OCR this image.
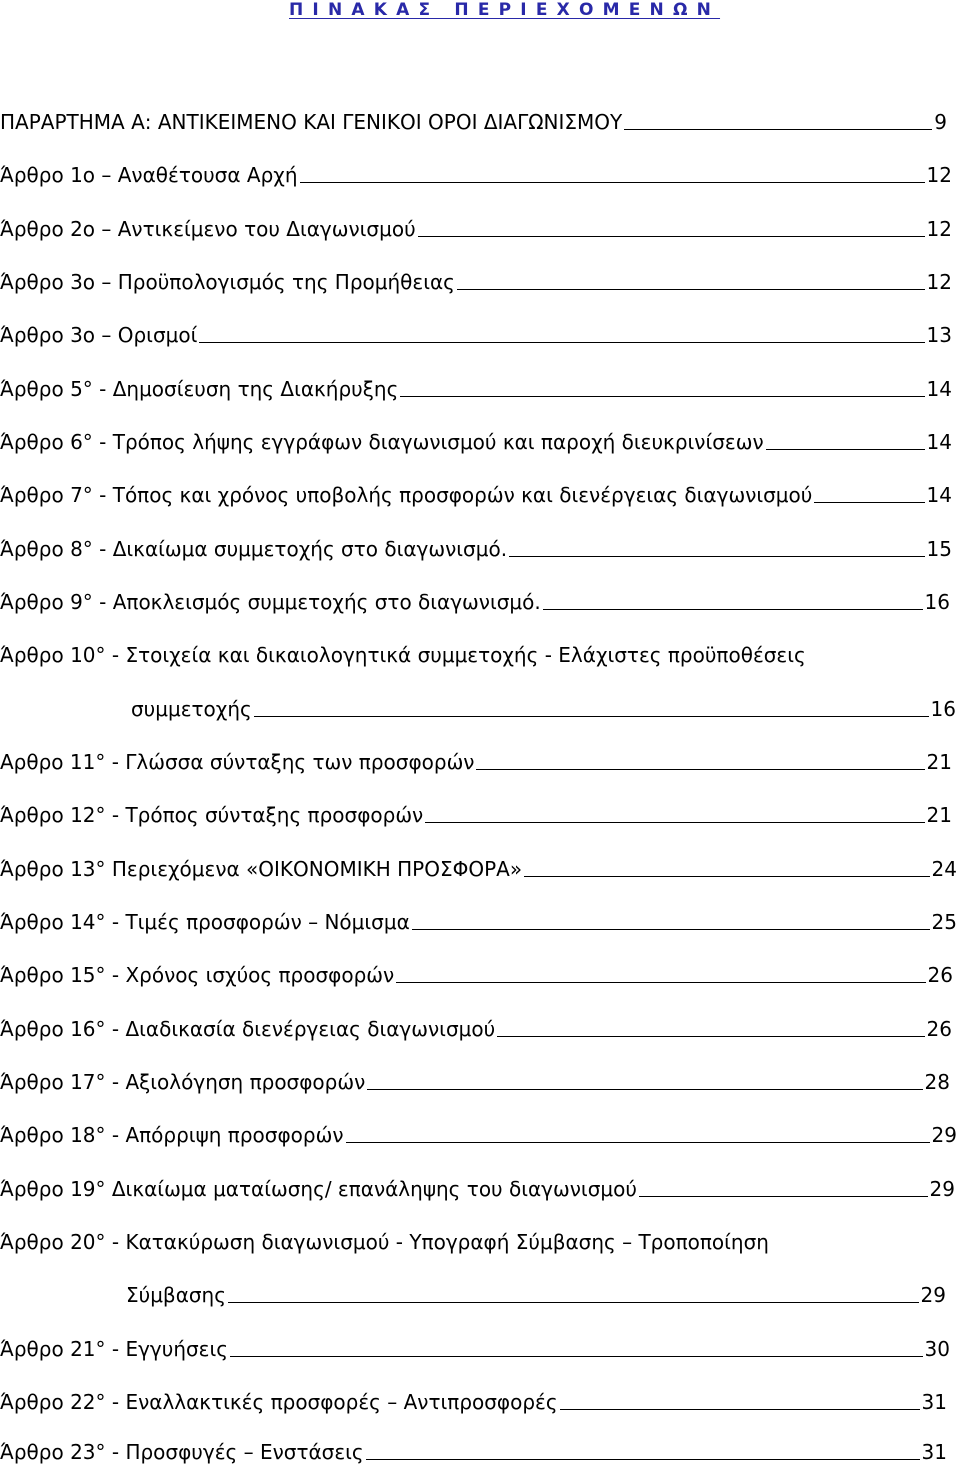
ΠΙΝΑΚΑΣ ΠΕΡΙΕΧΟΜΕΝΩΝ
ΠΑΡΑΡΤΗΜΑ Α: ΑΝΤΙΚΕΙΜΕΝΟ ΚΑΙ ΓΕΝΙΚΟΙ ΟΡΟΙ ΔΙΑΓΩΝΙΣΜΟΥ	9
Άρθρο 1ο – Αναθέτουσα Αρχή	12
Άρθρο 2ο – Αντικείμενο του Διαγωνισμού	12
Άρθρο 3ο – Προϋπολογισμός της Προμήθειας	12
Άρθρο 3ο – Ορισμοί	13
Άρθρο 5° - Δημοσίευση της Διακήρυξης	14
Άρθρο 6° - Τρόπος λήψης εγγράφων διαγωνισμού και παροχή διευκρινίσεων	14
Άρθρο 7° - Τόπος και χρόνος υποβολής προσφορών και διενέργειας διαγωνισμού	14
Άρθρο 8° - Δικαίωμα συμμετοχής στο διαγωνισμό.	15
Άρθρο 9° - Αποκλεισμός συμμετοχής στο διαγωνισμό.	16
Άρθρο 10° - Στοιχεία και δικαιολογητικά συμμετοχής - Ελάχιστες προϋποθέσεις
συμμετοχής	16
Αρθρο 11° - Γλώσσα σύνταξης των προσφορών	21
Άρθρο 12° - Τρόπος σύνταξης προσφορών	21
Άρθρο 13° Περιεχόμενα «ΟΙΚΟΝΟΜΙΚΗ ΠΡΟΣΦΟΡΑ»	24
Άρθρο 14° - Τιμές προσφορών – Νόμισμα	25
Άρθρο 15° - Χρόνος ισχύος προσφορών	26
Άρθρο 16° - Διαδικασία διενέργειας διαγωνισμού	26
Άρθρο 17° - Αξιολόγηση προσφορών	28
Άρθρο 18° - Απόρριψη προσφορών	29
Άρθρο 19° Δικαίωμα ματαίωσης/ επανάληψης του διαγωνισμού	29
Άρθρο 20° - Κατακύρωση διαγωνισμού - Υπογραφή Σύμβασης – Τροποποίηση
Σύμβασης	29
Άρθρο 21° - Εγγυήσεις	30
Άρθρο 22° - Εναλλακτικές προσφορές – Αντιπροσφορές	31
Άρθρο 23° - Προσφυγές – Ενστάσεις	31
